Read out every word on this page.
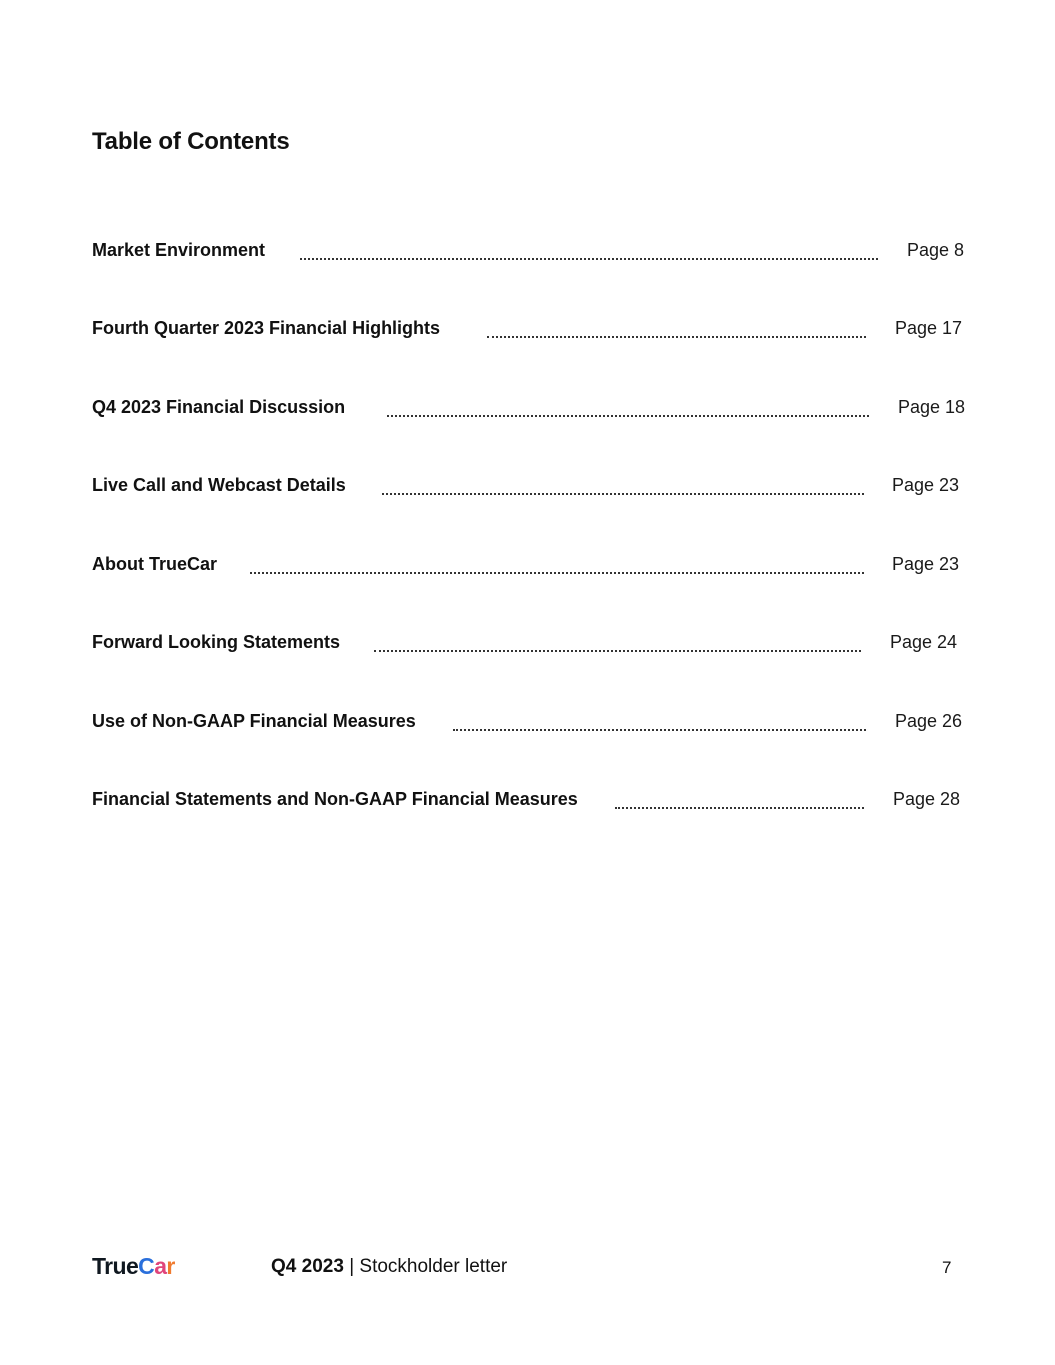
Table of Contents
Market Environment	Page 8
Fourth Quarter 2023 Financial Highlights	Page 17
Q4 2023 Financial Discussion	Page 18
Live Call and Webcast Details	Page 23
About TrueCar	Page 23
Forward Looking Statements	Page 24
Use of Non-GAAP Financial Measures	Page 26
Financial Statements and Non-GAAP Financial Measures	Page 28
TrueCar	Q4 2023 | Stockholder letter	7
